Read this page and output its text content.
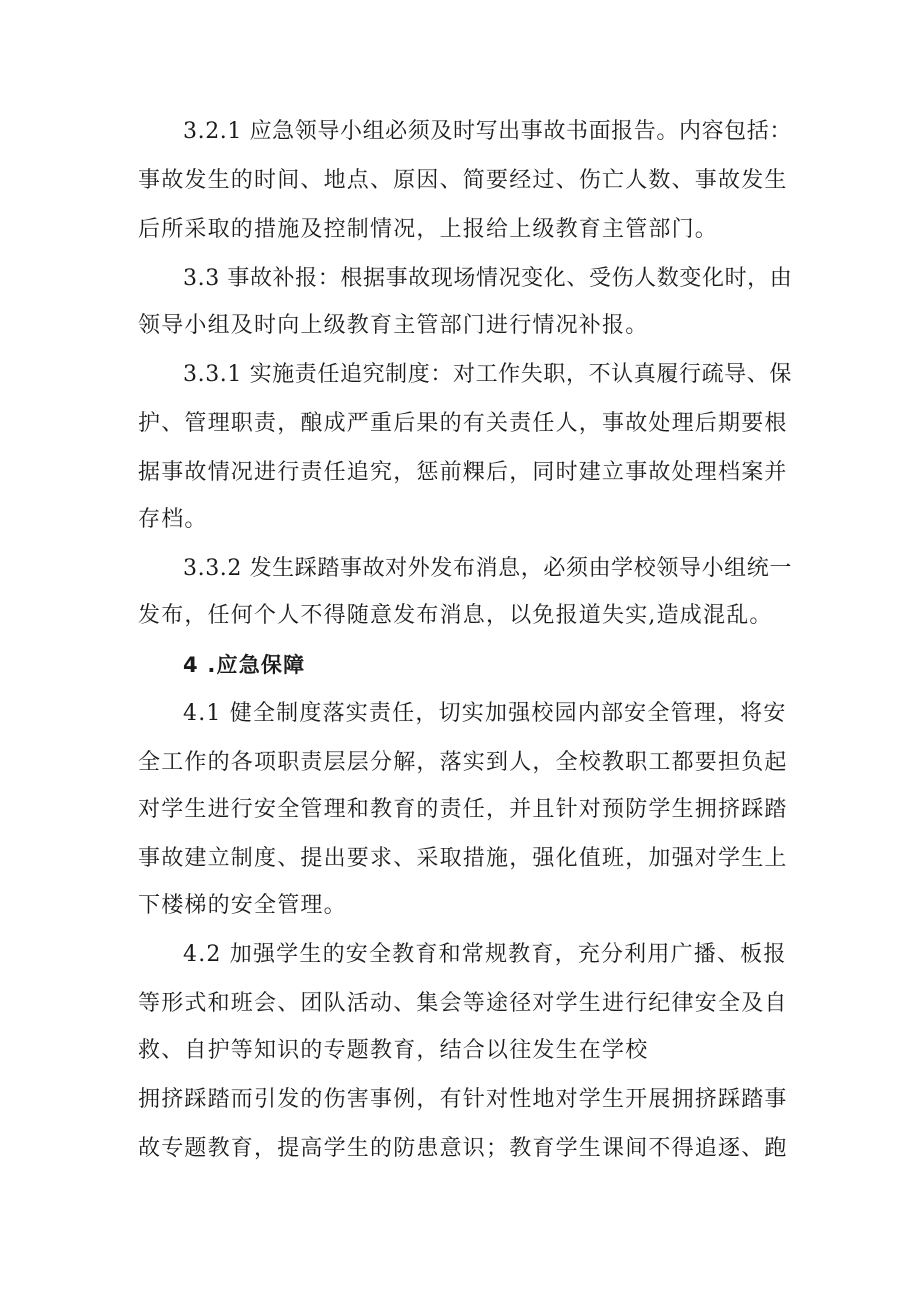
3.2.1 应急领导小组必须及时写出事故书面报告。内容包括：
事故发生的时间、地点、原因、简要经过、伤亡人数、事故发生
后所采取的措施及控制情况，上报给上级教育主管部门。
3.3 事故补报：根据事故现场情况变化、受伤人数变化时，由
领导小组及时向上级教育主管部门进行情况补报。
3.3.1 实施责任追究制度：对工作失职，不认真履行疏导、保
护、管理职责，酿成严重后果的有关责任人，事故处理后期要根
据事故情况进行责任追究，惩前粿后，同时建立事故处理档案并
存档。
3.3.2 发生踩踏事故对外发布消息，必须由学校领导小组统一
发布，任何个人不得随意发布消息，以免报道失实,造成混乱。
4 .应急保障
4.1 健全制度落实责任，切实加强校园内部安全管理，将安
全工作的各项职责层层分解，落实到人，全校教职工都要担负起
对学生进行安全管理和教育的责任，并且针对预防学生拥挤踩踏
事故建立制度、提出要求、采取措施，强化值班，加强对学生上
下楼梯的安全管理。
4.2 加强学生的安全教育和常规教育，充分利用广播、板报
等形式和班会、团队活动、集会等途径对学生进行纪律安全及自
救、自护等知识的专题教育，结合以往发生在学校
拥挤踩踏而引发的伤害事例，有针对性地对学生开展拥挤踩踏事
故专题教育，提高学生的防患意识；教育学生课间不得追逐、跑
